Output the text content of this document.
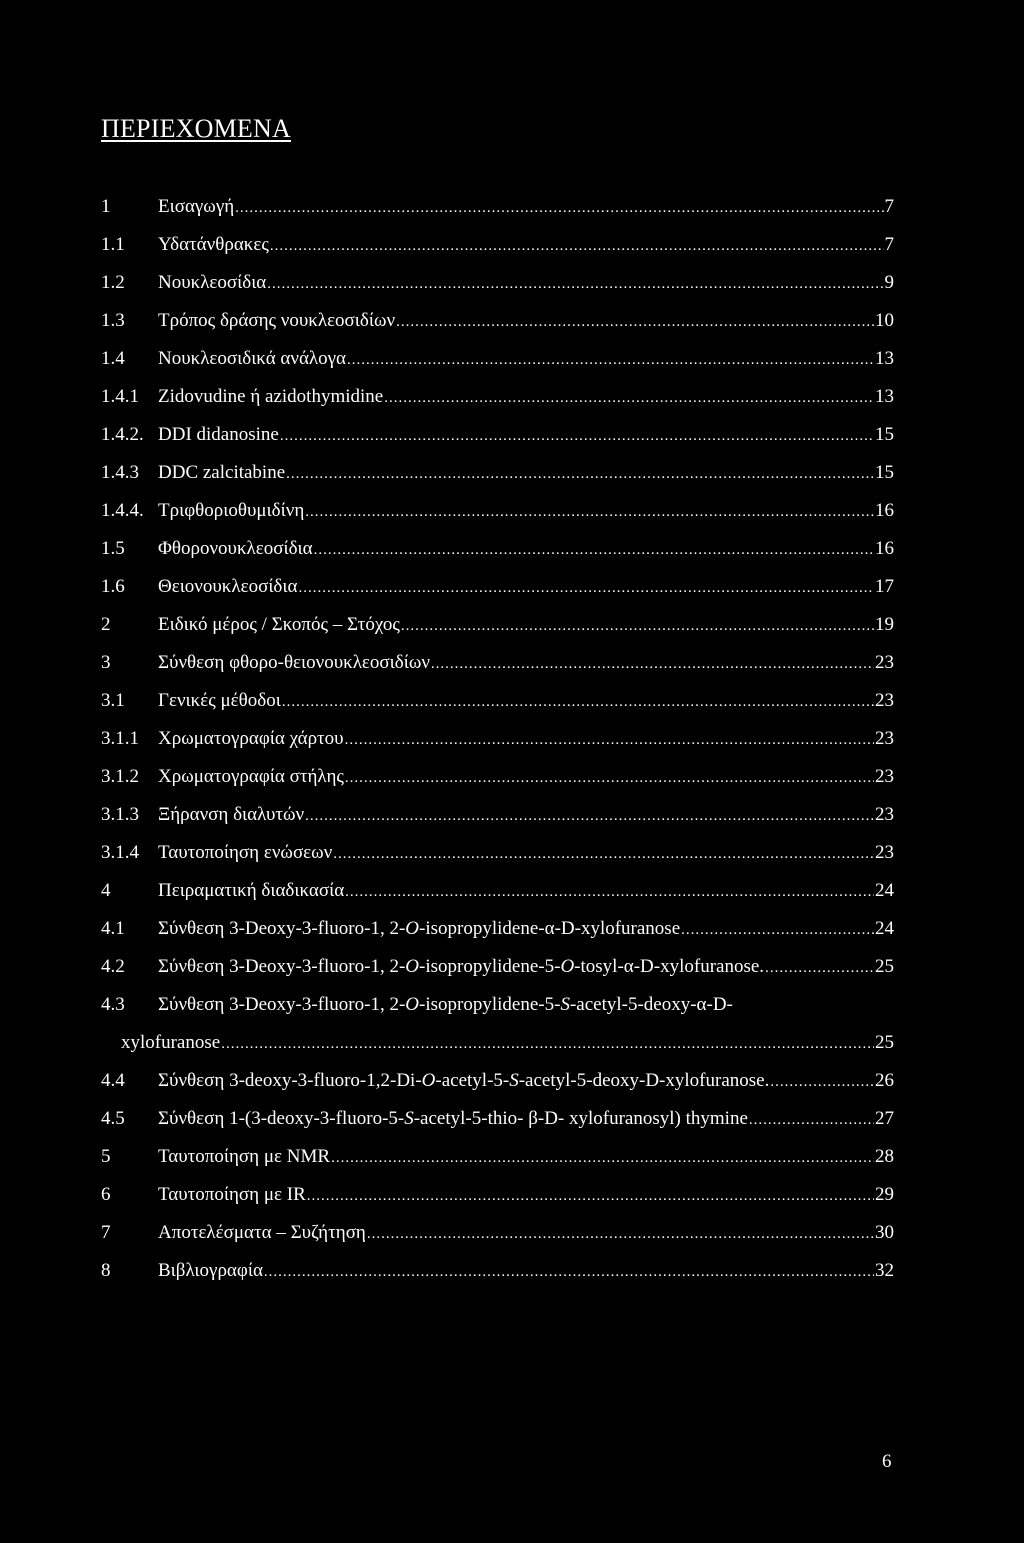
ΠΕΡΙΕΧΟΜΕΝΑ
1	Εισαγωγή .....	7
1.1 Υδατάνθρακες .....	7
1.2 Νουκλεοσίδια .....	9
1.3 Τρόπος δράσης νουκλεοσιδίων .....	10
1.4 Νουκλεοσιδικά ανάλογα .....	13
1.4.1 Zidovudine ή azidothymidine .....	13
1.4.2. DDI didanosine .....	15
1.4.3 DDC zalcitabine .....	15
1.4.4. Τριφθοριοθυμιδίνη .....	16
1.5 Φθορονουκλεοσίδια .....	16
1.6 Θειονουκλεοσίδια .....	17
2	Ειδικό μέρος / Σκοπός – Στόχος .....	19
3	Σύνθεση φθορο-θειονουκλεοσιδίων .....	23
3.1 Γενικές μέθοδοι .....	23
3.1.1 Χρωματογραφία χάρτου .....	23
3.1.2 Χρωματογραφία στήλης .....	23
3.1.3 Ξήρανση διαλυτών .....	23
3.1.4 Ταυτοποίηση ενώσεων .....	23
4	Πειραματική διαδικασία .....	24
4.1 Σύνθεση 3-Deoxy-3-fluoro-1, 2-O-isopropylidene-α-D-xylofuranose .....	24
4.2 Σύνθεση 3-Deoxy-3-fluoro-1, 2-O-isopropylidene-5-O-tosyl-α-D-xylofuranose. .....	25
4.3 Σύνθεση 3-Deoxy-3-fluoro-1, 2-O-isopropylidene-5-S-acetyl-5-deoxy-α-D-
xylofuranose .....	25
4.4 Σύνθεση 3-deoxy-3-fluoro-1,2-Di-O-acetyl-5-S-acetyl-5-deoxy-D-xylofuranose. .....	26
4.5 Σύνθεση 1-(3-deoxy-3-fluoro-5-S-acetyl-5-thio- β-D- xylofuranosyl) thymine .....	27
5	Ταυτοποίηση με NMR .....	28
6	Ταυτοποίηση με IR .....	29
7	Αποτελέσματα – Συζήτηση .....	30
8	Βιβλιογραφία .....	32
6
